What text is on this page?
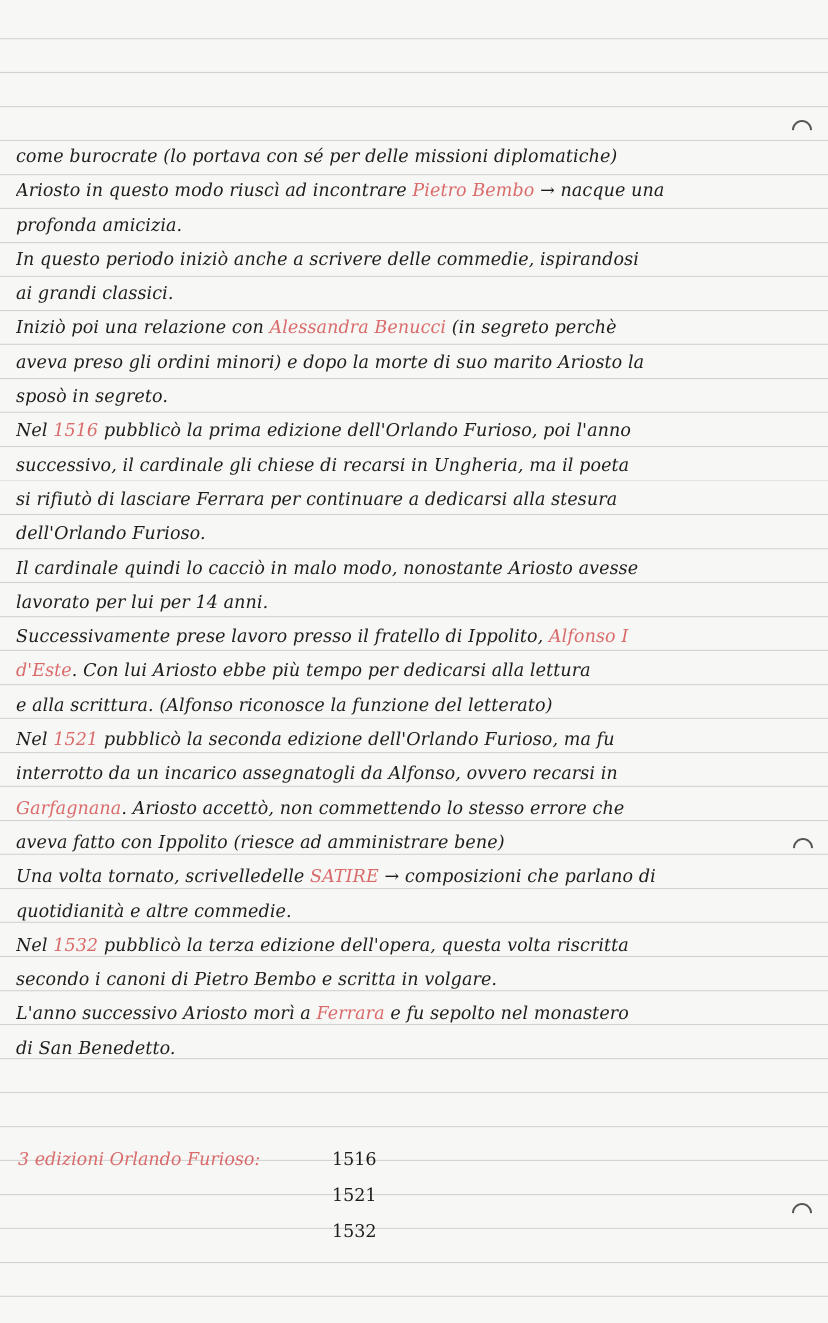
come burocrate (lo portava con sé per delle missioni diplomatiche)
Ariosto in questo modo riuscì ad incontrare Pietro Bembo → nacque una
profonda amicizia.
In questo periodo iniziò anche a scrivere delle commedie, ispirandosi
ai grandi classici.
Iniziò poi una relazione con Alessandra Benucci (in segreto perchè
aveva preso gli ordini minori) e dopo la morte di suo marito Ariosto la
sposò in segreto.
Nel 1516 pubblicò la prima edizione dell'Orlando Furioso, poi l'anno
successivo, il cardinale gli chiese di recarsi in Ungheria, ma il poeta
si rifiutò di lasciare Ferrara per continuare a dedicarsi alla stesura
dell'Orlando Furioso.
Il cardinale quindi lo cacciò in malo modo, nonostante Ariosto avesse
lavorato per lui per 14 anni.
Successivamente prese lavoro presso il fratello di Ippolito, Alfonso I
d'Este. Con lui Ariosto ebbe più tempo per dedicarsi alla lettura
e alla scrittura. (Alfonso riconosce la funzione del letterato)
Nel 1521 pubblicò la seconda edizione dell'Orlando Furioso, ma fu
interrotto da un incarico assegnatogli da Alfonso, ovvero recarsi in
Garfagnana. Ariosto accettò, non commettendo lo stesso errore che
aveva fatto con Ippolito (riesce ad amministrare bene)
Una volta tornato, scrivelledelle SATIRE → composizioni che parlano di
quotidianità e altre commedie.
Nel 1532 pubblicò la terza edizione dell'opera, questa volta riscritta
secondo i canoni di Pietro Bembo e scritta in volgare.
L'anno successivo Ariosto morì a Ferrara e fu sepolto nel monastero
di San Benedetto.
3 edizioni Orlando Furioso:	1516
1521
1532
